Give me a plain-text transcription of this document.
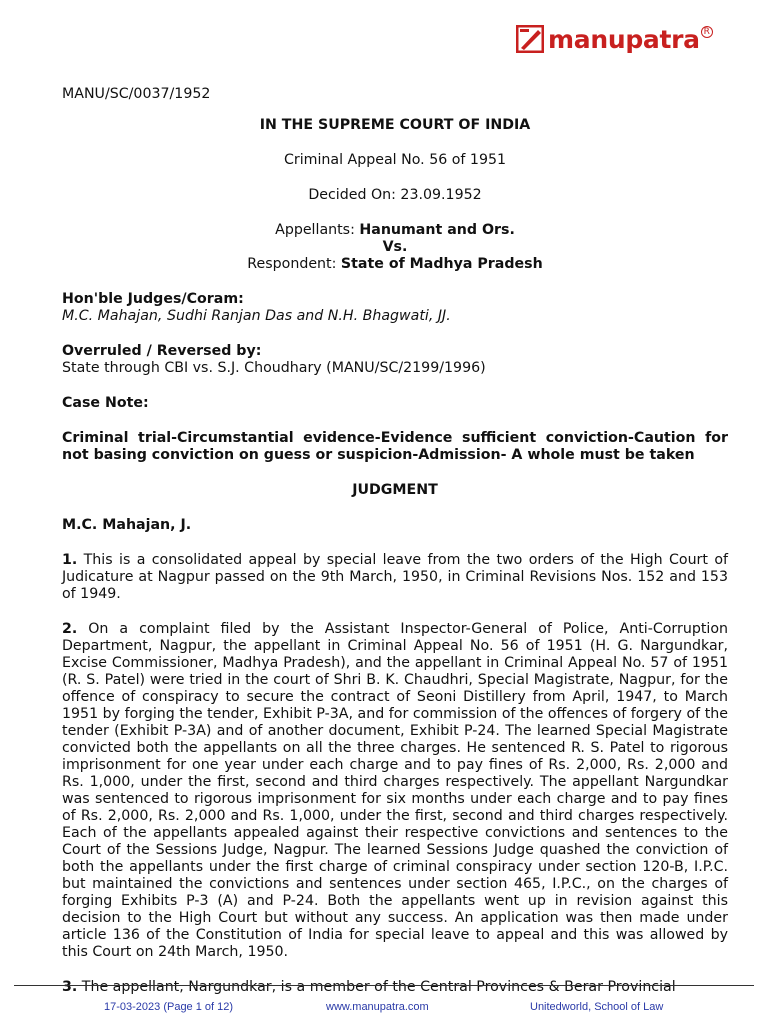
manupatra R

MANU/SC/0037/1952

IN THE SUPREME COURT OF INDIA

Criminal Appeal No. 56 of 1951

Decided On: 23.09.1952

Appellants: Hanumant and Ors.

Vs.

Respondent: State of Madhya Pradesh

Hon'ble Judges/Coram:

M.C. Mahajan, Sudhi Ranjan Das and N.H. Bhagwati, JJ.

Overruled / Reversed by:

State through CBI vs. S.J. Choudhary (MANU/SC/2199/1996)

Case Note:

Criminal trial-Circumstantial evidence-Evidence sufficient conviction-Caution for not basing conviction on guess or suspicion-Admission- A whole must be taken

JUDGMENT

M.C. Mahajan, J.

1. This is a consolidated appeal by special leave from the two orders of the High Court of Judicature at Nagpur passed on the 9th March, 1950, in Criminal Revisions Nos. 152 and 153 of 1949.

2. On a complaint filed by the Assistant Inspector-General of Police, Anti-Corruption Department, Nagpur, the appellant in Criminal Appeal No. 56 of 1951 (H. G. Nargundkar, Excise Commissioner, Madhya Pradesh), and the appellant in Criminal Appeal No. 57 of 1951 (R. S. Patel) were tried in the court of Shri B. K. Chaudhri, Special Magistrate, Nagpur, for the offence of conspiracy to secure the contract of Seoni Distillery from April, 1947, to March 1951 by forging the tender, Exhibit P-3A, and for commission of the offences of forgery of the tender (Exhibit P-3A) and of another document, Exhibit P-24. The learned Special Magistrate convicted both the appellants on all the three charges. He sentenced R. S. Patel to rigorous imprisonment for one year under each charge and to pay fines of Rs. 2,000, Rs. 2,000 and Rs. 1,000, under the first, second and third charges respectively. The appellant Nargundkar was sentenced to rigorous imprisonment for six months under each charge and to pay fines of Rs. 2,000, Rs. 2,000 and Rs. 1,000, under the first, second and third charges respectively. Each of the appellants appealed against their respective convictions and sentences to the Court of the Sessions Judge, Nagpur. The learned Sessions Judge quashed the conviction of both the appellants under the first charge of criminal conspiracy under section 120-B, I.P.C. but maintained the convictions and sentences under section 465, I.P.C., on the charges of forging Exhibits P-3 (A) and P-24. Both the appellants went up in revision against this decision to the High Court but without any success. An application was then made under article 136 of the Constitution of India for special leave to appeal and this was allowed by this Court on 24th March, 1950.

3. The appellant, Nargundkar, is a member of the Central Provinces & Berar Provincial

17-03-2023 (Page 1 of 12)	www.manupatra.com	Unitedworld, School of Law
